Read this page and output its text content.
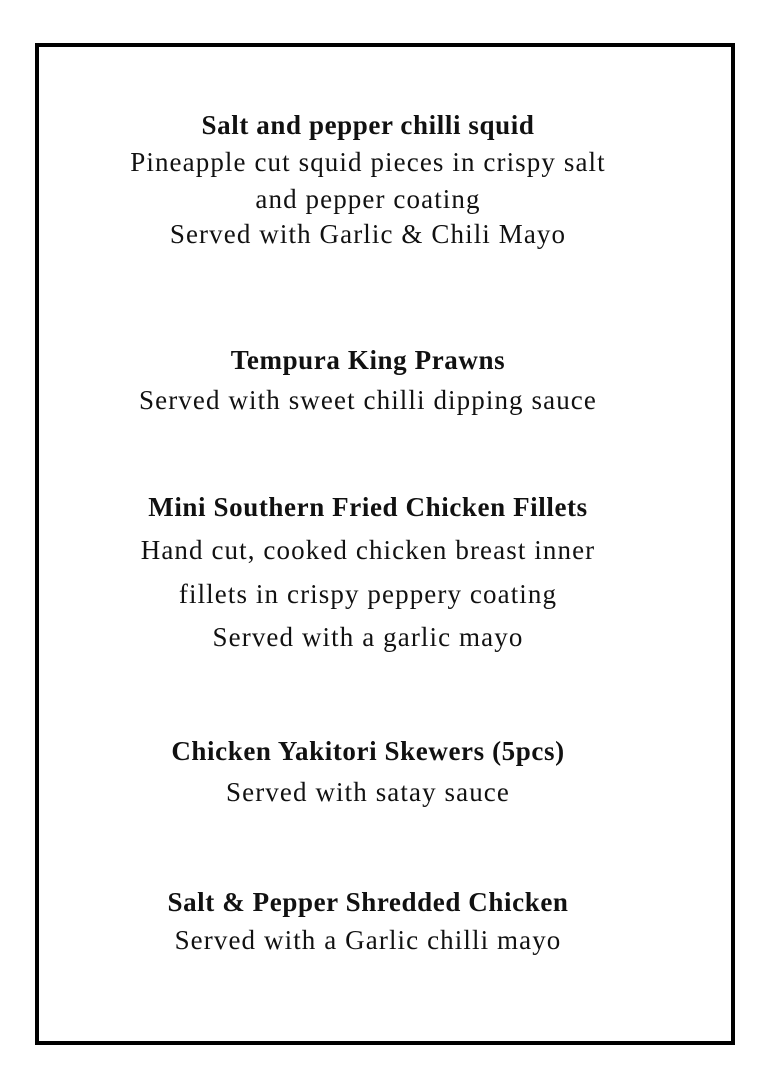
Salt and pepper chilli squid
Pineapple cut squid pieces in crispy salt
and pepper coating
Served with Garlic & Chili Mayo
Tempura King Prawns
Served with sweet chilli dipping sauce
Mini Southern Fried Chicken Fillets
Hand cut, cooked chicken breast inner
fillets in crispy peppery coating
Served with a garlic mayo
Chicken Yakitori Skewers (5pcs)
Served with satay sauce
Salt & Pepper Shredded Chicken
Served with a Garlic chilli mayo
